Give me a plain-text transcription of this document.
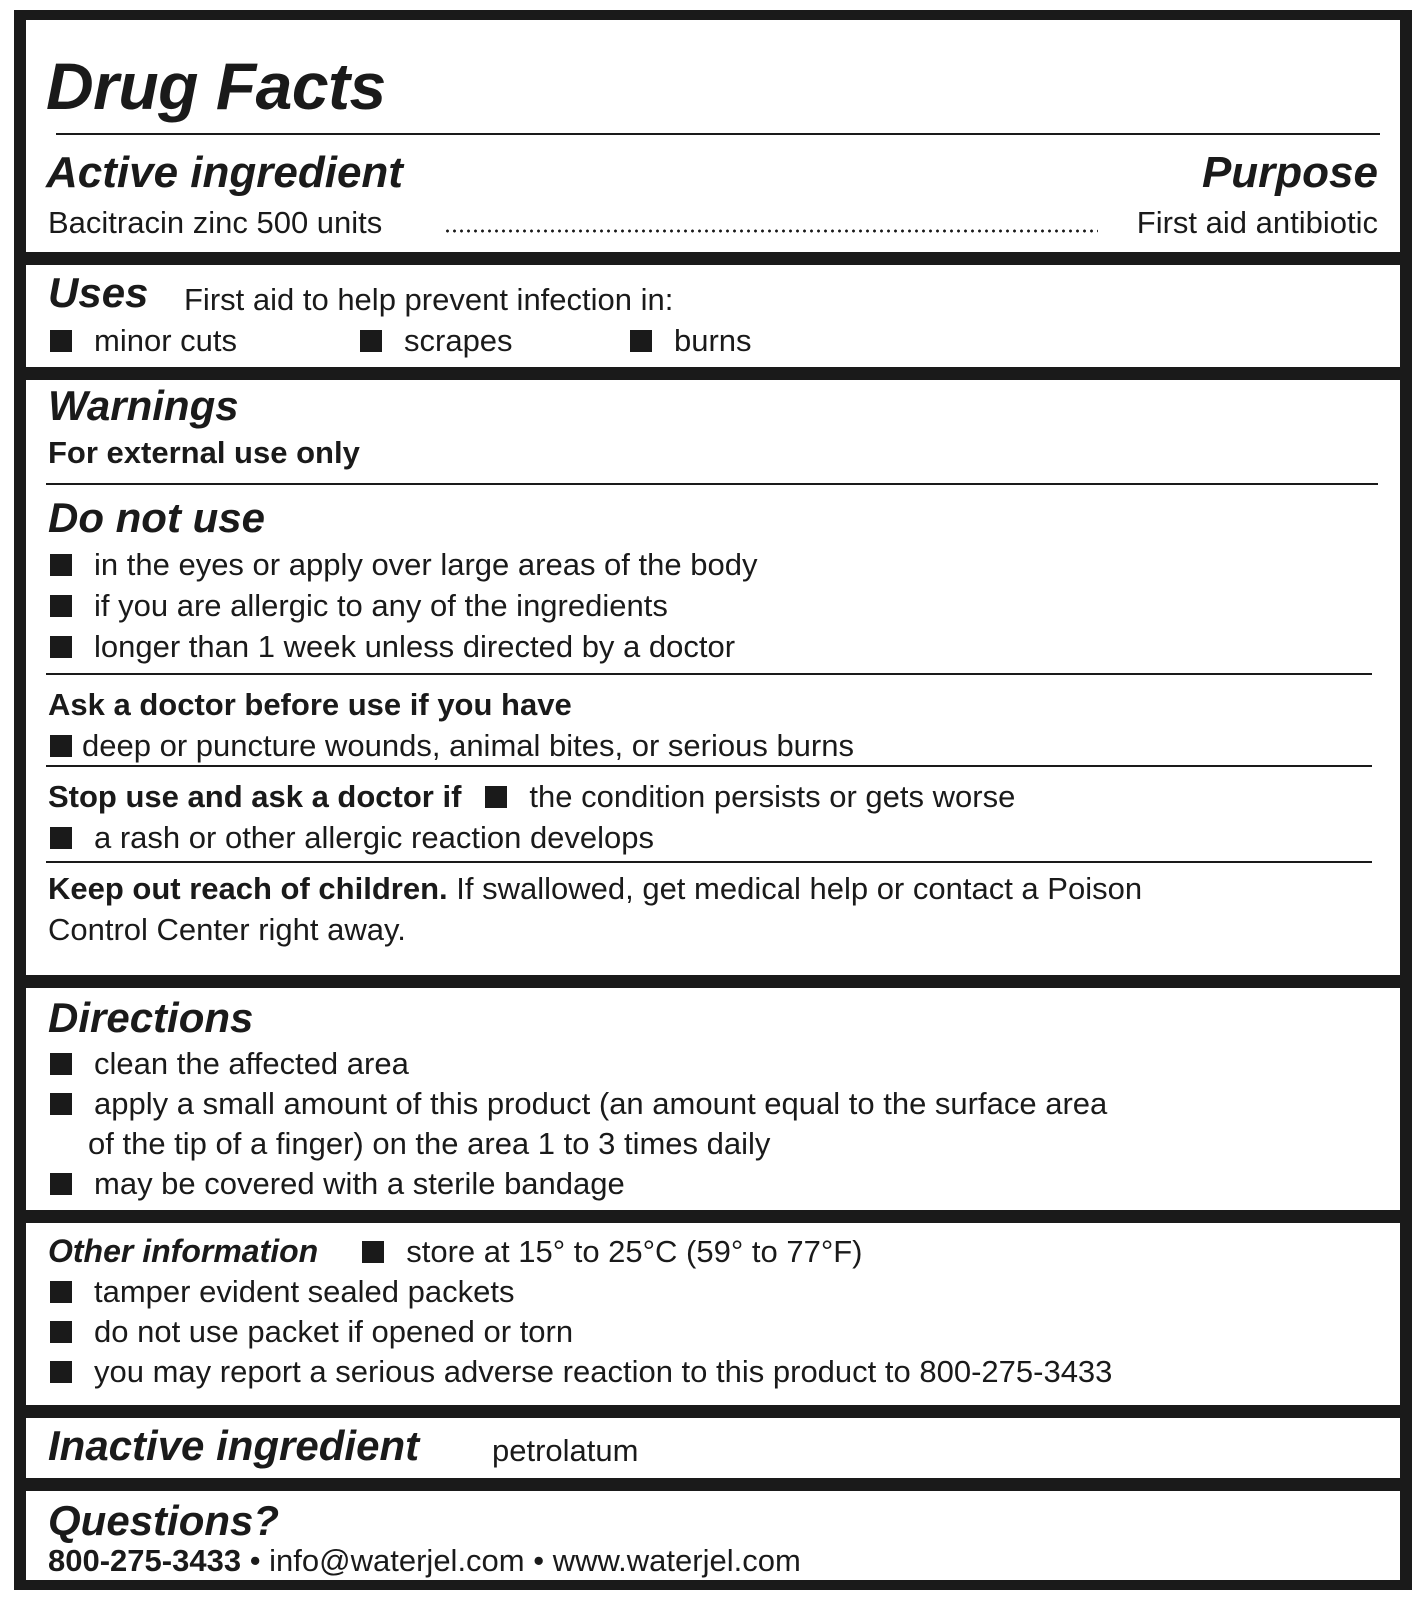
Drug Facts
Active ingredient	Purpose
Bacitracin zinc 500 units	First aid antibiotic
Uses First aid to help prevent infection in:
minor cuts	scrapes	burns
Warnings
For external use only
Do not use
in the eyes or apply over large areas of the body
if you are allergic to any of the ingredients
longer than 1 week unless directed by a doctor
Ask a doctor before use if you have
deep or puncture wounds, animal bites, or serious burns
Stop use and ask a doctor if the condition persists or gets worse
a rash or other allergic reaction develops
Keep out reach of children. If swallowed, get medical help or contact a Poison
Control Center right away.
Directions
clean the affected area
apply a small amount of this product (an amount equal to the surface area
of the tip of a finger) on the area 1 to 3 times daily
may be covered with a sterile bandage
Other information	store at 15° to 25°C (59° to 77°F)
tamper evident sealed packets
do not use packet if opened or torn
you may report a serious adverse reaction to this product to 800-275-3433
Inactive ingredient petrolatum
Questions?
800-275-3433 • info@waterjel.com • www.waterjel.com
